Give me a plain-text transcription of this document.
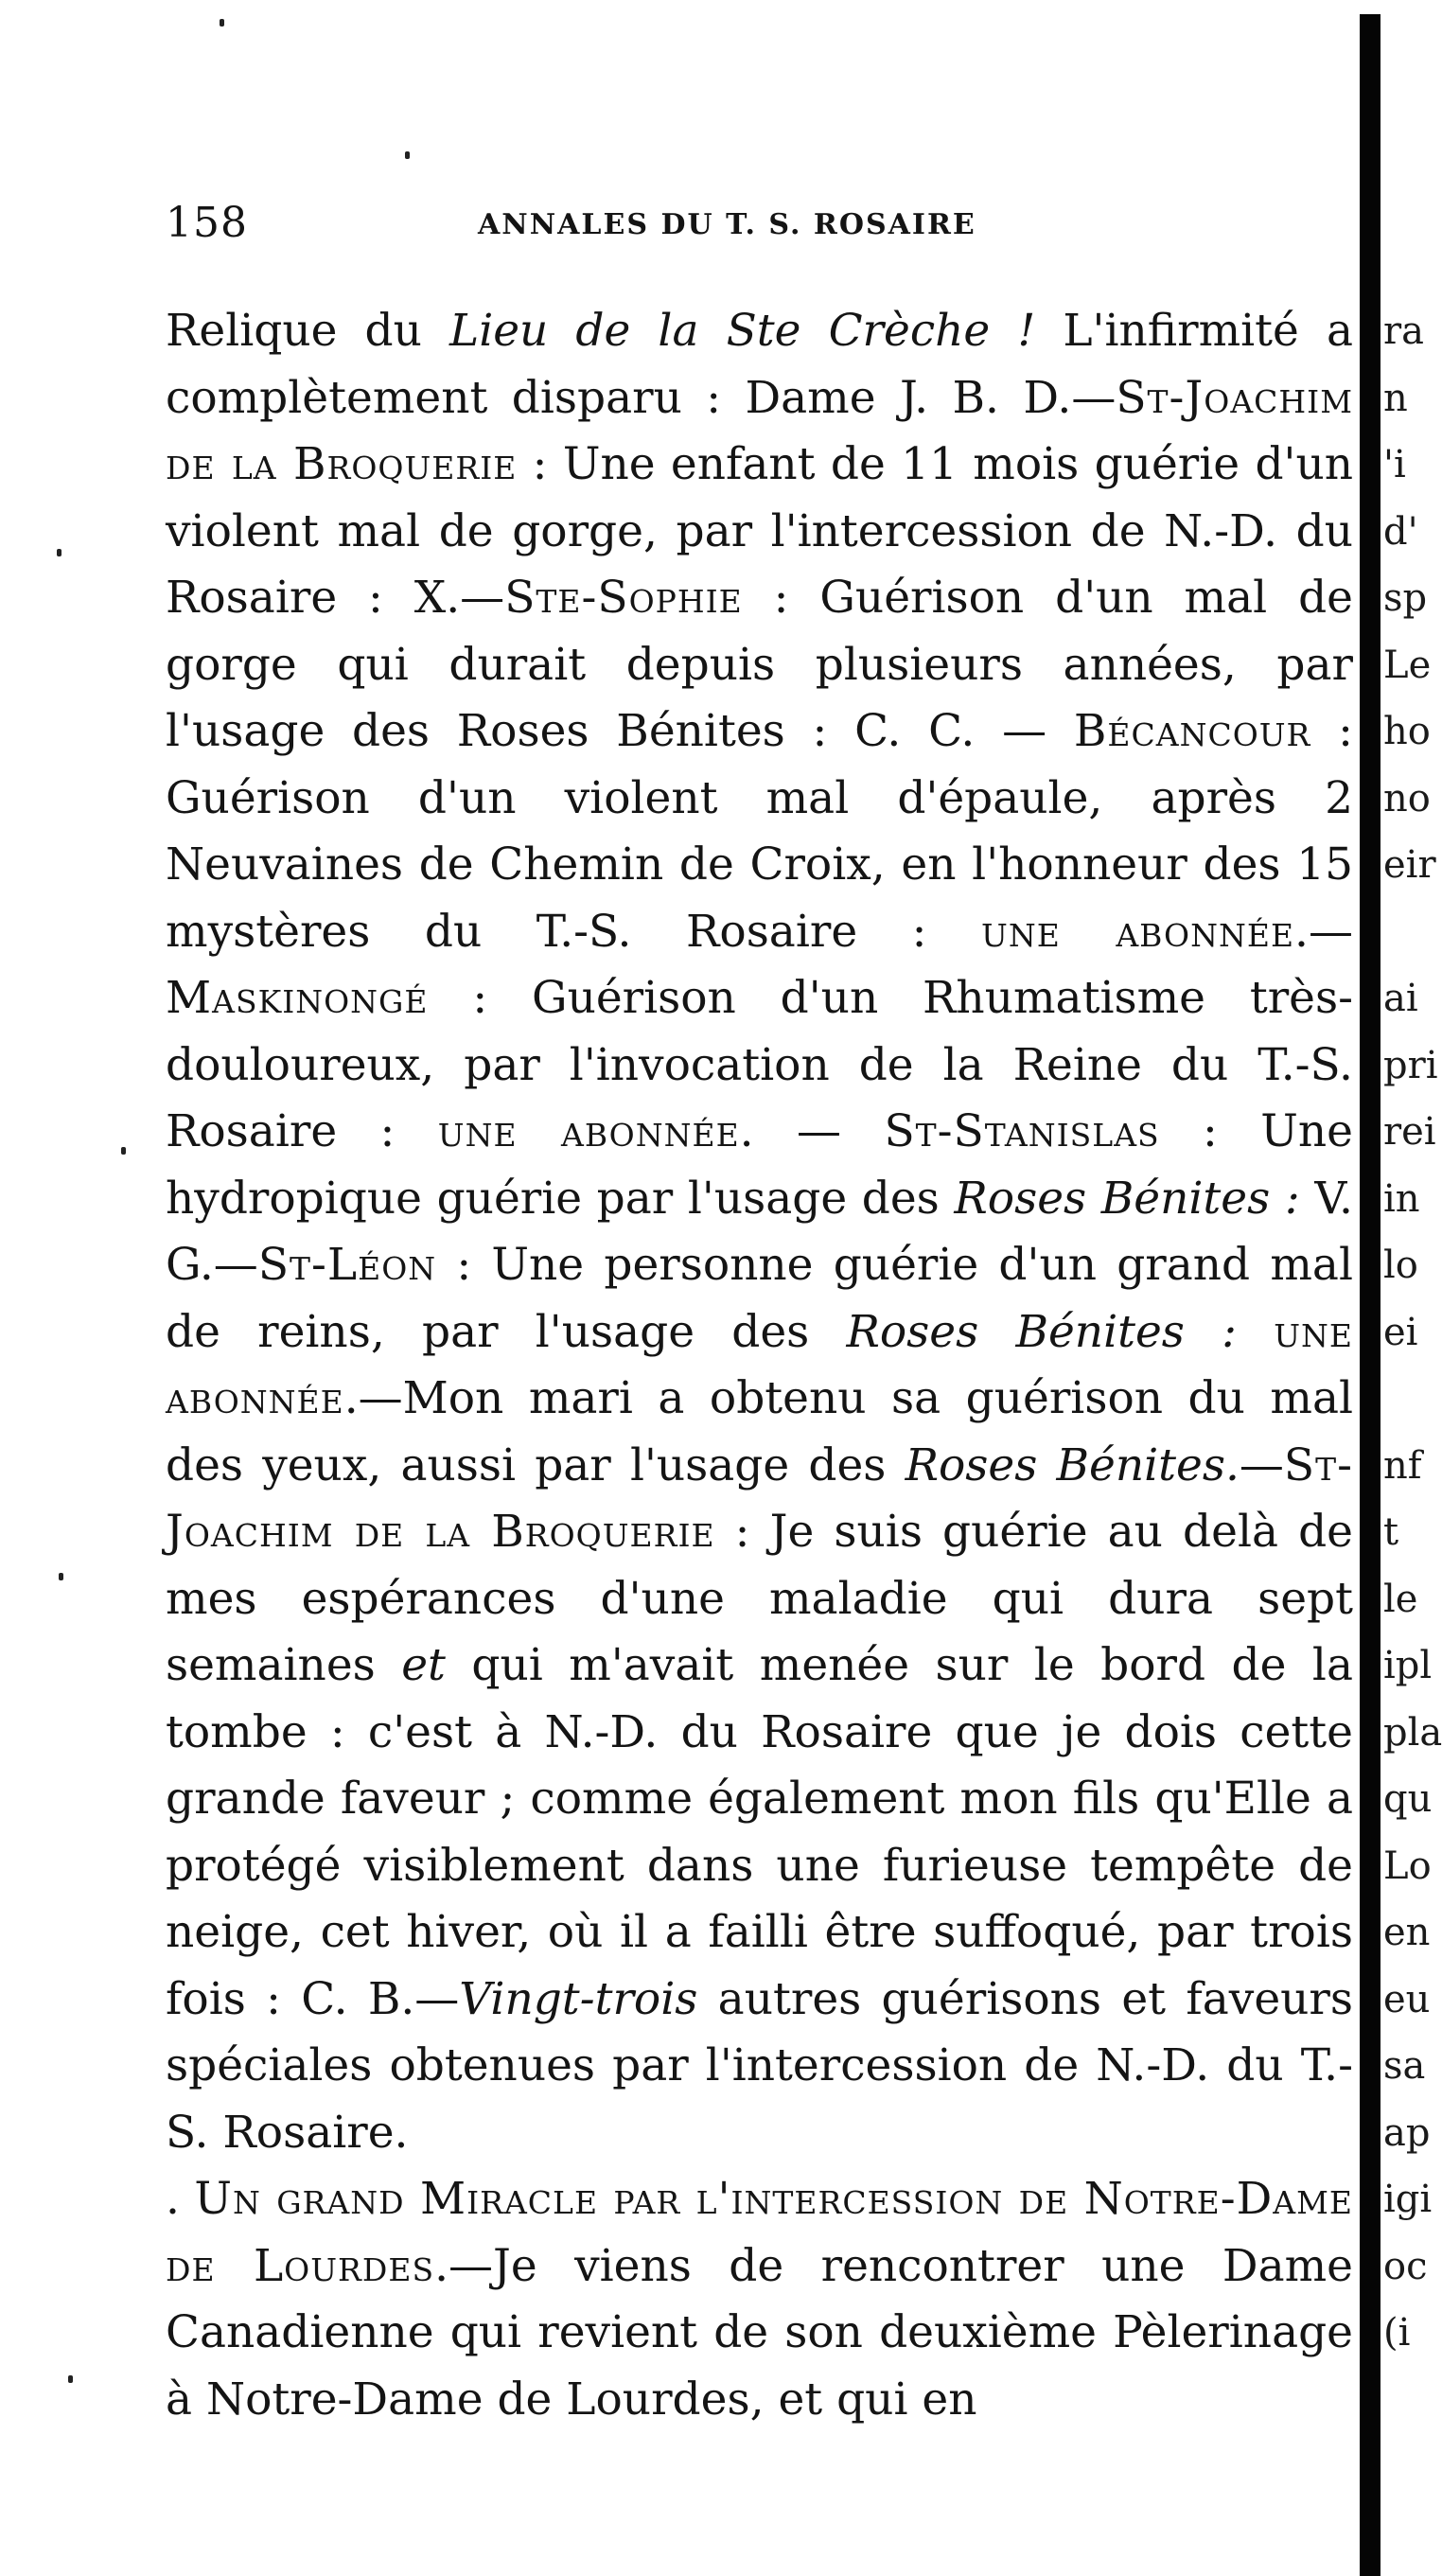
158	ANNALES DU T. S. ROSAIRE

Relique du Lieu de la Ste Crèche ! L'infirmité a complètement disparu : Dame J. B. D.—St-Joachim de la Broquerie : Une enfant de 11 mois guérie d'un violent mal de gorge, par l'intercession de N.-D. du Rosaire : X.—Ste-Sophie : Guérison d'un mal de gorge qui durait depuis plusieurs années, par l'usage des Roses Bénites : C. C. — Bécancour : Guérison d'un violent mal d'épaule, après 2 Neuvaines de Chemin de Croix, en l'honneur des 15 mystères du T.-S. Rosaire : une abonnée.—Maskinongé : Guérison d'un Rhumatisme très-douloureux, par l'invocation de la Reine du T.-S. Rosaire : une abonnée. — St-Stanislas : Une hydropique guérie par l'usage des Roses Bénites : V. G.—St-Léon : Une personne guérie d'un grand mal de reins, par l'usage des Roses Bénites : une abonnée.—Mon mari a obtenu sa guérison du mal des yeux, aussi par l'usage des Roses Bénites.—St-Joachim de la Broquerie : Je suis guérie au delà de mes espérances d'une maladie qui dura sept semaines et qui m'avait menée sur le bord de la tombe : c'est à N.-D. du Rosaire que je dois cette grande faveur ; comme également mon fils qu'Elle a protégé visiblement dans une furieuse tempête de neige, cet hiver, où il a failli être suffoqué, par trois fois : C. B.—Vingt-trois autres guérisons et faveurs spéciales obtenues par l'intercession de N.-D. du T.-S. Rosaire.

. Un grand Miracle par l'intercession de Notre-Dame de Lourdes.—Je viens de rencontrer une Dame Canadienne qui revient de son deuxième Pèlerinage à Notre-Dame de Lourdes, et qui en

ra
n
'i
d'
sp
Le
ho
no
eir

ai
pri
rei
in
lo
ei

nf
t
le
ipl
pla
qu
Lo
en
eu
sa
ap
igi
oc
(i
